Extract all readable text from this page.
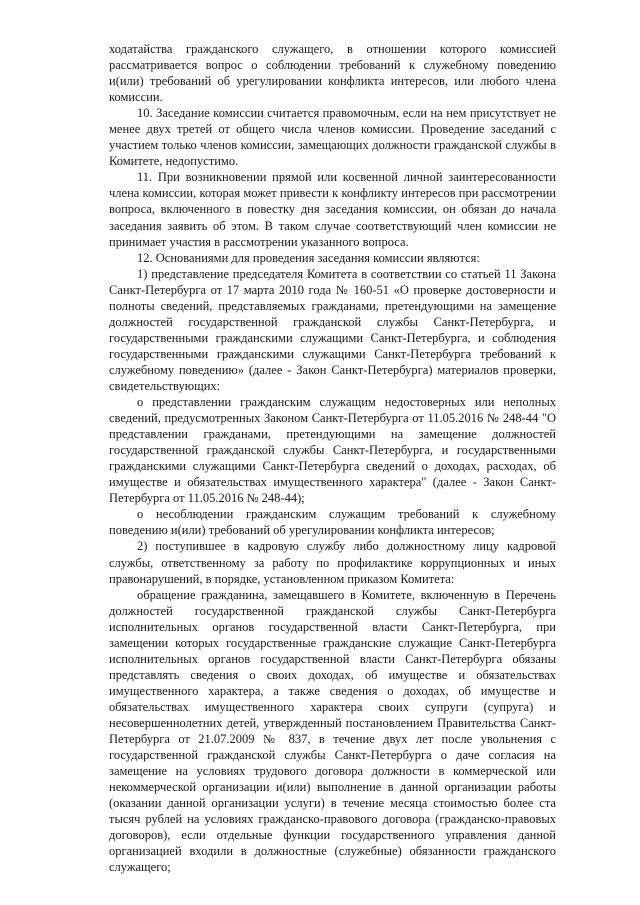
ходатайства гражданского служащего, в отношении которого комиссией рассматривается вопрос о соблюдении требований к служебному поведению и(или) требований об урегулировании конфликта интересов, или любого члена комиссии.

10. Заседание комиссии считается правомочным, если на нем присутствует не менее двух третей от общего числа членов комиссии. Проведение заседаний с участием только членов комиссии, замещающих должности гражданской службы в Комитете, недопустимо.

11. При возникновении прямой или косвенной личной заинтересованности члена комиссии, которая может привести к конфликту интересов при рассмотрении вопроса, включенного в повестку дня заседания комиссии, он обязан до начала заседания заявить об этом. В таком случае соответствующий член комиссии не принимает участия в рассмотрении указанного вопроса.

12. Основаниями для проведения заседания комиссии являются:

1) представление председателя Комитета в соответствии со статьей 11 Закона Санкт-Петербурга от 17 марта 2010 года № 160-51 «О проверке достоверности и полноты сведений, представляемых гражданами, претендующими на замещение должностей государственной гражданской службы Санкт-Петербурга, и государственными гражданскими служащими Санкт-Петербурга, и соблюдения государственными гражданскими служащими Санкт-Петербурга требований к служебному поведению» (далее - Закон Санкт-Петербурга) материалов проверки, свидетельствующих:

о представлении гражданским служащим недостоверных или неполных сведений, предусмотренных Законом Санкт-Петербурга от 11.05.2016 № 248-44 "О представлении гражданами, претендующими на замещение должностей государственной гражданской службы Санкт-Петербурга, и государственными гражданскими служащими Санкт-Петербурга сведений о доходах, расходах, об имуществе и обязательствах имущественного характера" (далее - Закон Санкт-Петербурга от 11.05.2016 № 248-44);

о несоблюдении гражданским служащим требований к служебному поведению и(или) требований об урегулировании конфликта интересов;

2) поступившее в кадровую службу либо должностному лицу кадровой службы, ответственному за работу по профилактике коррупционных и иных правонарушений, в порядке, установленном приказом Комитета:

обращение гражданина, замещавшего в Комитете, включенную в Перечень должностей государственной гражданской службы Санкт-Петербурга исполнительных органов государственной власти Санкт-Петербурга, при замещении которых государственные гражданские служащие Санкт-Петербурга исполнительных органов государственной власти Санкт-Петербурга обязаны представлять сведения о своих доходах, об имуществе и обязательствах имущественного характера, а также сведения о доходах, об имуществе и обязательствах имущественного характера своих супруги (супруга) и несовершеннолетних детей, утвержденный постановлением Правительства Санкт-Петербурга от 21.07.2009 № 837, в течение двух лет после увольнения с государственной гражданской службы Санкт-Петербурга о даче согласия на замещение на условиях трудового договора должности в коммерческой или некоммерческой организации и(или) выполнение в данной организации работы (оказании данной организации услуги) в течение месяца стоимостью более ста тысяч рублей на условиях гражданско-правового договора (гражданско-правовых договоров), если отдельные функции государственного управления данной организацией входили в должностные (служебные) обязанности гражданского служащего;
